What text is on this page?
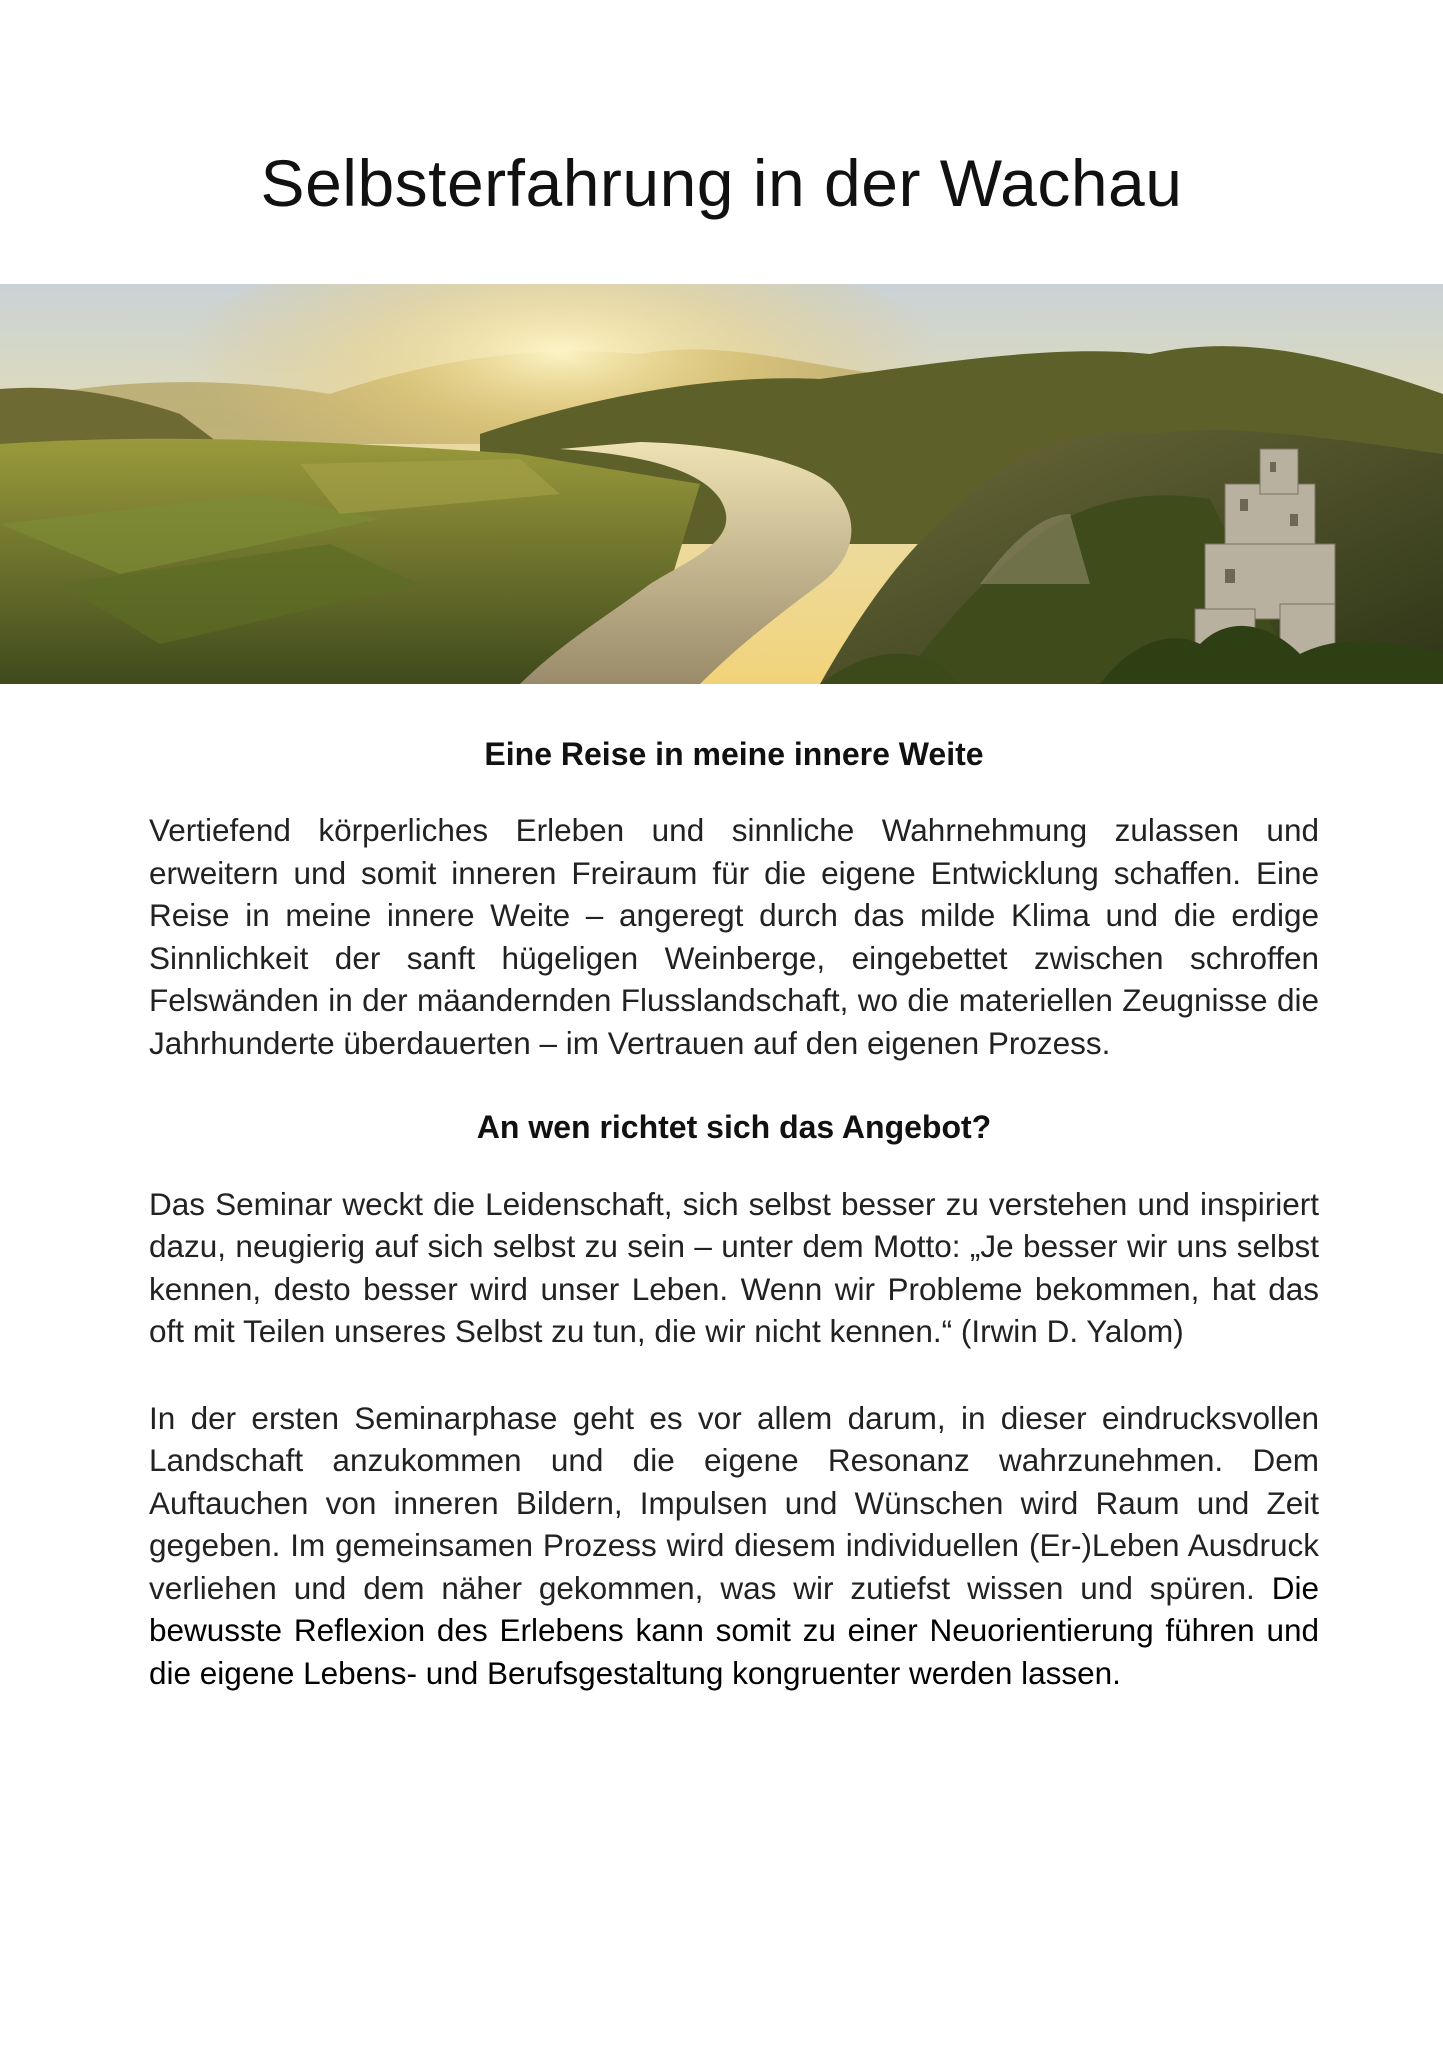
Selbsterfahrung in der Wachau
Eine Reise in meine innere Weite

Vertiefend körperliches Erleben und sinnliche Wahrnehmung zulassen und erweitern und somit inneren Freiraum für die eigene Entwicklung schaffen. Eine Reise in meine innere Weite – angeregt durch das milde Klima und die erdige Sinnlichkeit der sanft hügeligen Weinberge, eingebettet zwischen schroffen Felswänden in der mäandernden Flusslandschaft, wo die materiellen Zeugnisse die Jahrhunderte überdauerten – im Vertrauen auf den eigenen Prozess.

An wen richtet sich das Angebot?

Das Seminar weckt die Leidenschaft, sich selbst besser zu verstehen und inspiriert dazu, neugierig auf sich selbst zu sein – unter dem Motto: „Je besser wir uns selbst kennen, desto besser wird unser Leben. Wenn wir Probleme bekommen, hat das oft mit Teilen unseres Selbst zu tun, die wir nicht kennen.“ (Irwin D. Yalom)

In der ersten Seminarphase geht es vor allem darum, in dieser eindrucksvollen Landschaft anzukommen und die eigene Resonanz wahrzunehmen. Dem Auftauchen von inneren Bildern, Impulsen und Wünschen wird Raum und Zeit gegeben. Im gemeinsamen Prozess wird diesem individuellen (Er-)Leben Ausdruck verliehen und dem näher gekommen, was wir zutiefst wissen und spüren. Die bewusste Reflexion des Erlebens kann somit zu einer Neuorientierung führen und die eigene Lebens- und Berufsgestaltung kongruenter werden lassen.
